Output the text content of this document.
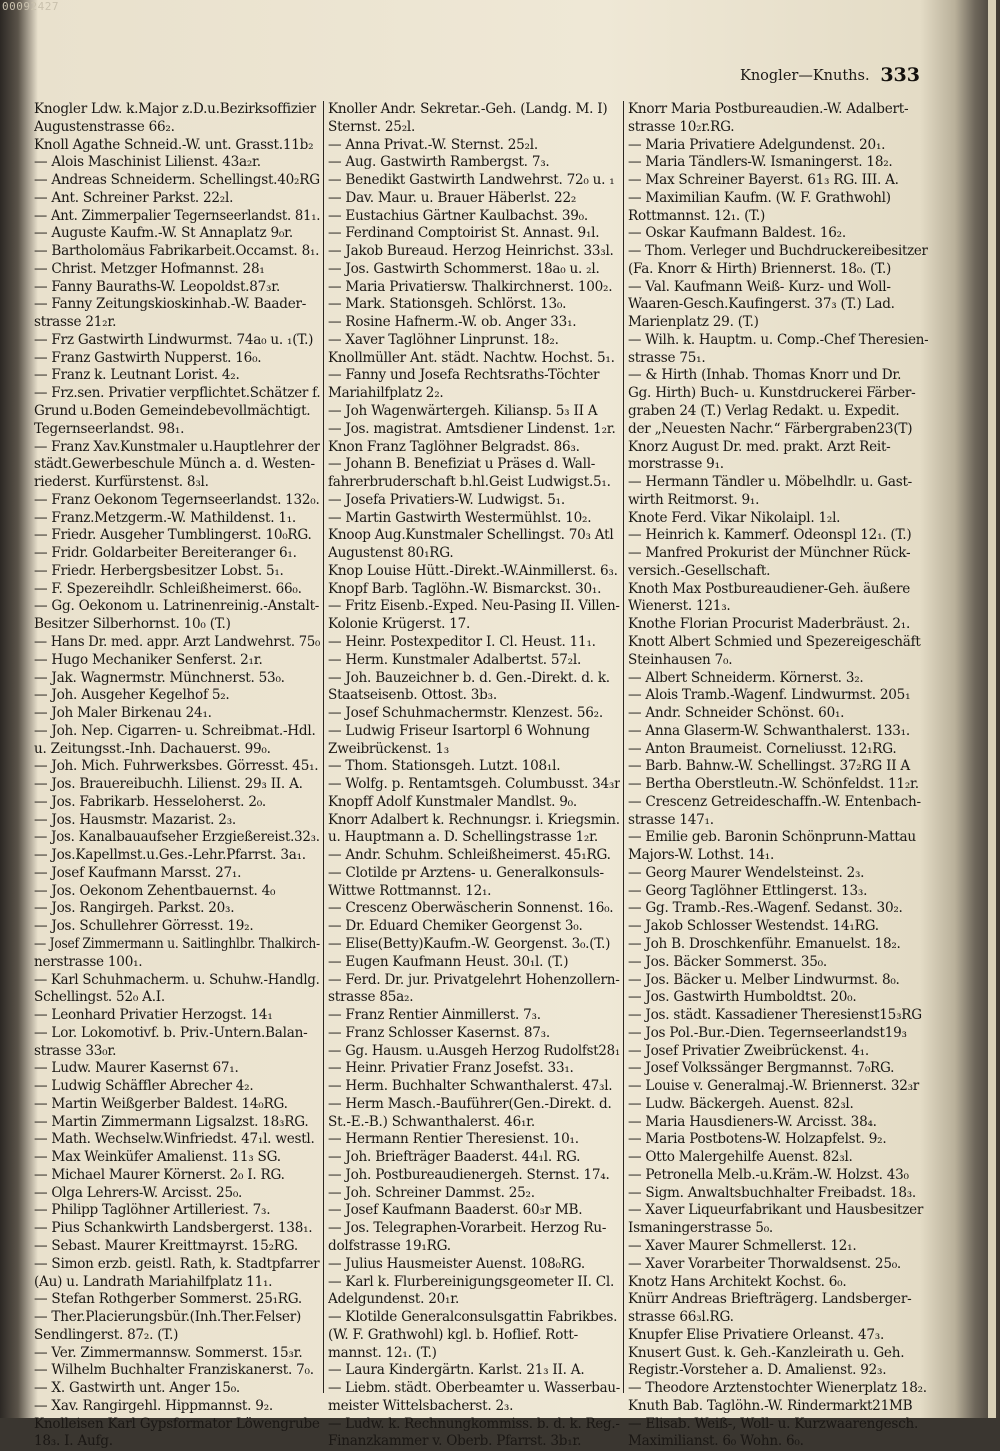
00092427
Knogler—Knuths. 333
Knogler Ldw. k.Major z.D.u.Bezirksoffizier
Augustenstrasse 66₂.
Knoll Agathe Schneid.-W. unt. Grasst.11b₂
— Alois Maschinist Lilienst. 43a₂r.
— Andreas Schneiderm. Schellingst.40₂RG
— Ant. Schreiner Parkst. 22₂l.
— Ant. Zimmerpalier Tegernseerlandst. 81₁.
— Auguste Kaufm.-W. St Annaplatz 9₀r.
— Bartholomäus Fabrikarbeit.Occamst. 8₁.
— Christ. Metzger Hofmannst. 28₁
— Fanny Bauraths-W. Leopoldst.87₃r.
— Fanny Zeitungskioskinhab.-W. Baader-
strasse 21₂r.
— Frz Gastwirth Lindwurmst. 74a₀ u. ₁(T.)
— Franz Gastwirth Nupperst. 16₀.
— Franz k. Leutnant Lorist. 4₂.
— Frz.sen. Privatier verpflichtet.Schätzer f.
Grund u.Boden Gemeindebevollmächtigt.
Tegernseerlandst. 98₁.
— Franz Xav.Kunstmaler u.Hauptlehrer der
städt.Gewerbeschule Münch a. d. Westen-
riederst. Kurfürstenst. 8₃l.
— Franz Oekonom Tegernseerlandst. 132₀.
— Franz.Metzgerm.-W. Mathildenst. 1₁.
— Friedr. Ausgeher Tumblingerst. 10₀RG.
— Fridr. Goldarbeiter Bereiteranger 6₁.
— Friedr. Herbergsbesitzer Lobst. 5₁.
— F. Spezereihdlr. Schleißheimerst. 66₀.
— Gg. Oekonom u. Latrinenreinig.-Anstalt-
Besitzer Silberhornst. 10₀ (T.)
— Hans Dr. med. appr. Arzt Landwehrst. 75₀
— Hugo Mechaniker Senferst. 2₁r.
— Jak. Wagnermstr. Münchnerst. 53₀.
— Joh. Ausgeher Kegelhof 5₂.
— Joh Maler Birkenau 24₁.
— Joh. Nep. Cigarren- u. Schreibmat.-Hdl.
u. Zeitungsst.-Inh. Dachauerst. 99₀.
— Joh. Mich. Fuhrwerksbes. Görresst. 45₁.
— Jos. Brauereibuchh. Lilienst. 29₃ II. A.
— Jos. Fabrikarb. Hesseloherst. 2₀.
— Jos. Hausmstr. Mazarist. 2₃.
— Jos. Kanalbauaufseher Erzgießereist.32₃.
— Jos.Kapellmst.u.Ges.-Lehr.Pfarrst. 3a₁.
— Josef Kaufmann Marsst. 27₁.
— Jos. Oekonom Zehentbauernst. 4₀
— Jos. Rangirgeh. Parkst. 20₃.
— Jos. Schullehrer Görresst. 19₂.
— Josef Zimmermann u. Saitlinghlbr. Thalkirch-
nerstrasse 100₁.
— Karl Schuhmacherm. u. Schuhw.-Handlg.
Schellingst. 52₀ A.I.
— Leonhard Privatier Herzogst. 14₁
— Lor. Lokomotivf. b. Priv.-Untern.Balan-
strasse 33₀r.
— Ludw. Maurer Kasernst 67₁.
— Ludwig Schäffler Abrecher 4₂.
— Martin Weißgerber Baldest. 14₀RG.
— Martin Zimmermann Ligsalzst. 18₃RG.
— Math. Wechselw.Winfriedst. 47₁l. westl.
— Max Weinküfer Amalienst. 11₃ SG.
— Michael Maurer Körnerst. 2₀ I. RG.
— Olga Lehrers-W. Arcisst. 25₀.
— Philipp Taglöhner Artilleriest. 7₃.
— Pius Schankwirth Landsbergerst. 138₁.
— Sebast. Maurer Kreittmayrst. 15₂RG.
— Simon erzb. geistl. Rath, k. Stadtpfarrer
(Au) u. Landrath Mariahilfplatz 11₁.
— Stefan Rothgerber Sommerst. 25₁RG.
— Ther.Placierungsbür.(Inh.Ther.Felser)
Sendlingerst. 87₂. (T.)
— Ver. Zimmermannsw. Sommerst. 15₃r.
— Wilhelm Buchhalter Franziskanerst. 7₀.
— X. Gastwirth unt. Anger 15₀.
— Xav. Rangirgehl. Hippmannst. 9₂.
Knolleisen Karl Gypsformator Löwengrube
18₃. I. Aufg.
Knoller Andr. Sekretar.-Geh. (Landg. M. I)
Sternst. 25₂l.
— Anna Privat.-W. Sternst. 25₂l.
— Aug. Gastwirth Rambergst. 7₃.
— Benedikt Gastwirth Landwehrst. 72₀ u. ₁
— Dav. Maur. u. Brauer Häberlst. 22₂
— Eustachius Gärtner Kaulbachst. 39₀.
— Ferdinand Comptoirist St. Annast. 9₁l.
— Jakob Bureaud. Herzog Heinrichst. 33₃l.
— Jos. Gastwirth Schommerst. 18a₀ u. ₂l.
— Maria Privatiersw. Thalkirchnerst. 100₂.
— Mark. Stationsgeh. Schlörst. 13₀.
— Rosine Hafnerm.-W. ob. Anger 33₁.
— Xaver Taglöhner Linprunst. 18₂.
Knollmüller Ant. städt. Nachtw. Hochst. 5₁.
— Fanny und Josefa Rechtsraths-Töchter
Mariahilfplatz 2₂.
— Joh Wagenwärtergeh. Kiliansp. 5₃ II A
— Jos. magistrat. Amtsdiener Lindenst. 1₂r.
Knon Franz Taglöhner Belgradst. 86₃.
— Johann B. Benefiziat u Präses d. Wall-
fahrerbruderschaft b.hl.Geist Ludwigst.5₁.
— Josefa Privatiers-W. Ludwigst. 5₁.
— Martin Gastwirth Westermühlst. 10₂.
Knoop Aug.Kunstmaler Schellingst. 70₃ Atl
Augustenst 80₁RG.
Knop Louise Hütt.-Direkt.-W.Ainmillerst. 6₃.
Knopf Barb. Taglöhn.-W. Bismarckst. 30₁.
— Fritz Eisenb.-Exped. Neu-Pasing II. Villen-
Kolonie Krügerst. 17.
— Heinr. Postexpeditor I. Cl. Heust. 11₁.
— Herm. Kunstmaler Adalbertst. 57₂l.
— Joh. Bauzeichner b. d. Gen.-Direkt. d. k.
Staatseisenb. Ottost. 3b₃.
— Josef Schuhmachermstr. Klenzest. 56₂.
— Ludwig Friseur Isartorpl 6 Wohnung
Zweibrückenst. 1₃
— Thom. Stationsgeh. Lutzt. 108₁l.
— Wolfg. p. Rentamtsgeh. Columbusst. 34₃r
Knopff Adolf Kunstmaler Mandlst. 9₀.
Knorr Adalbert k. Rechnungsr. i. Kriegsmin.
u. Hauptmann a. D. Schellingstrasse 1₂r.
— Andr. Schuhm. Schleißheimerst. 45₁RG.
— Clotilde pr Arztens- u. Generalkonsuls-
Wittwe Rottmannst. 12₁.
— Crescenz Oberwäscherin Sonnenst. 16₀.
— Dr. Eduard Chemiker Georgenst 3₀.
— Elise(Betty)Kaufm.-W. Georgenst. 3₀.(T.)
— Eugen Kaufmann Heust. 30₁l. (T.)
— Ferd. Dr. jur. Privatgelehrt Hohenzollern-
strasse 85a₂.
— Franz Rentier Ainmillerst. 7₃.
— Franz Schlosser Kasernst. 87₃.
— Gg. Hausm. u.Ausgeh Herzog Rudolfst28₁
— Heinr. Privatier Franz Josefst. 33₁.
— Herm. Buchhalter Schwanthalerst. 47₃l.
— Herm Masch.-Bauführer(Gen.-Direkt. d.
St.-E.-B.) Schwanthalerst. 46₁r.
— Hermann Rentier Theresienst. 10₁.
— Joh. Briefträger Baaderst. 44₁l. RG.
— Joh. Postbureaudienergeh. Sternst. 17₄.
— Joh. Schreiner Dammst. 25₂.
— Josef Kaufmann Baaderst. 60₃r MB.
— Jos. Telegraphen-Vorarbeit. Herzog Ru-
dolfstrasse 19₁RG.
— Julius Hausmeister Auenst. 108₀RG.
— Karl k. Flurbereinigungsgeometer II. Cl.
Adelgundenst. 20₁r.
— Klotilde Generalconsulsgattin Fabrikbes.
(W. F. Grathwohl) kgl. b. Hoflief. Rott-
mannst. 12₁. (T.)
— Laura Kindergärtn. Karlst. 21₃ II. A.
— Liebm. städt. Oberbeamter u. Wasserbau-
meister Wittelsbacherst. 2₃.
— Ludw. k. Rechnungkommiss. b. d. k. Reg.-
Finanzkammer v. Oberb. Pfarrst. 3b₁r.
Knorr Maria Postbureaudien.-W. Adalbert-
strasse 10₂r.RG.
— Maria Privatiere Adelgundenst. 20₁.
— Maria Tändlers-W. Ismaningerst. 18₂.
— Max Schreiner Bayerst. 61₃ RG. III. A.
— Maximilian Kaufm. (W. F. Grathwohl)
Rottmannst. 12₁. (T.)
— Oskar Kaufmann Baldest. 16₂.
— Thom. Verleger und Buchdruckereibesitzer
(Fa. Knorr & Hirth) Briennerst. 18₀. (T.)
— Val. Kaufmann Weiß- Kurz- und Woll-
Waaren-Gesch.Kaufingerst. 37₃ (T.) Lad.
Marienplatz 29. (T.)
— Wilh. k. Hauptm. u. Comp.-Chef Theresien-
strasse 75₁.
— & Hirth (Inhab. Thomas Knorr und Dr.
Gg. Hirth) Buch- u. Kunstdruckerei Färber-
graben 24 (T.) Verlag Redakt. u. Expedit.
der „Neuesten Nachr.“ Färbergraben23(T)
Knorz August Dr. med. prakt. Arzt Reit-
morstrasse 9₁.
— Hermann Tändler u. Möbelhdlr. u. Gast-
wirth Reitmorst. 9₁.
Knote Ferd. Vikar Nikolaipl. 1₂l.
— Heinrich k. Kammerf. Odeonspl 12₁. (T.)
— Manfred Prokurist der Münchner Rück-
versich.-Gesellschaft.
Knoth Max Postbureaudiener-Geh. äußere
Wienerst. 121₃.
Knothe Florian Procurist Maderbräust. 2₁.
Knott Albert Schmied und Spezereigeschäft
Steinhausen 7₀.
— Albert Schneiderm. Körnerst. 3₂.
— Alois Tramb.-Wagenf. Lindwurmst. 205₁
— Andr. Schneider Schönst. 60₁.
— Anna Glaserm-W. Schwanthalerst. 133₁.
— Anton Braumeist. Corneliusst. 12₁RG.
— Barb. Bahnw.-W. Schellingst. 37₂RG II A
— Bertha Oberstleutn.-W. Schönfeldst. 11₂r.
— Crescenz Getreideschaffn.-W. Entenbach-
strasse 147₁.
— Emilie geb. Baronin Schönprunn-Mattau
Majors-W. Lothst. 14₁.
— Georg Maurer Wendelsteinst. 2₃.
— Georg Taglöhner Ettlingerst. 13₃.
— Gg. Tramb.-Res.-Wagenf. Sedanst. 30₂.
— Jakob Schlosser Westendst. 14₁RG.
— Joh B. Droschkenführ. Emanuelst. 18₂.
— Jos. Bäcker Sommerst. 35₀.
— Jos. Bäcker u. Melber Lindwurmst. 8₀.
— Jos. Gastwirth Humboldtst. 20₀.
— Jos. städt. Kassadiener Theresienst15₃RG
— Jos Pol.-Bur.-Dien. Tegernseerlandst19₃
— Josef Privatier Zweibrückenst. 4₁.
— Josef Volkssänger Bergmannst. 7₀RG.
— Louise v. Generalmaj.-W. Briennerst. 32₃r
— Ludw. Bäckergeh. Auenst. 82₃l.
— Maria Hausdieners-W. Arcisst. 38₄.
— Maria Postbotens-W. Holzapfelst. 9₂.
— Otto Malergehilfe Auenst. 82₃l.
— Petronella Melb.-u.Kräm.-W. Holzst. 43₀
— Sigm. Anwaltsbuchhalter Freibadst. 18₃.
— Xaver Liqueurfabrikant und Hausbesitzer
Ismaningerstrasse 5₀.
— Xaver Maurer Schmellerst. 12₁.
— Xaver Vorarbeiter Thorwaldsenst. 25₀.
Knotz Hans Architekt Kochst. 6₀.
Knürr Andreas Briefträgerg. Landsberger-
strasse 66₃l.RG.
Knupfer Elise Privatiere Orleanst. 47₃.
Knusert Gust. k. Geh.-Kanzleirath u. Geh.
Registr.-Vorsteher a. D. Amalienst. 92₃.
— Theodore Arztenstochter Wienerplatz 18₂.
Knuth Bab. Taglöhn.-W. Rindermarkt21MB
— Elisab. Weiß-, Woll- u. Kurzwaarengesch.
Maximilianst. 6₀ Wohn. 6₀.
